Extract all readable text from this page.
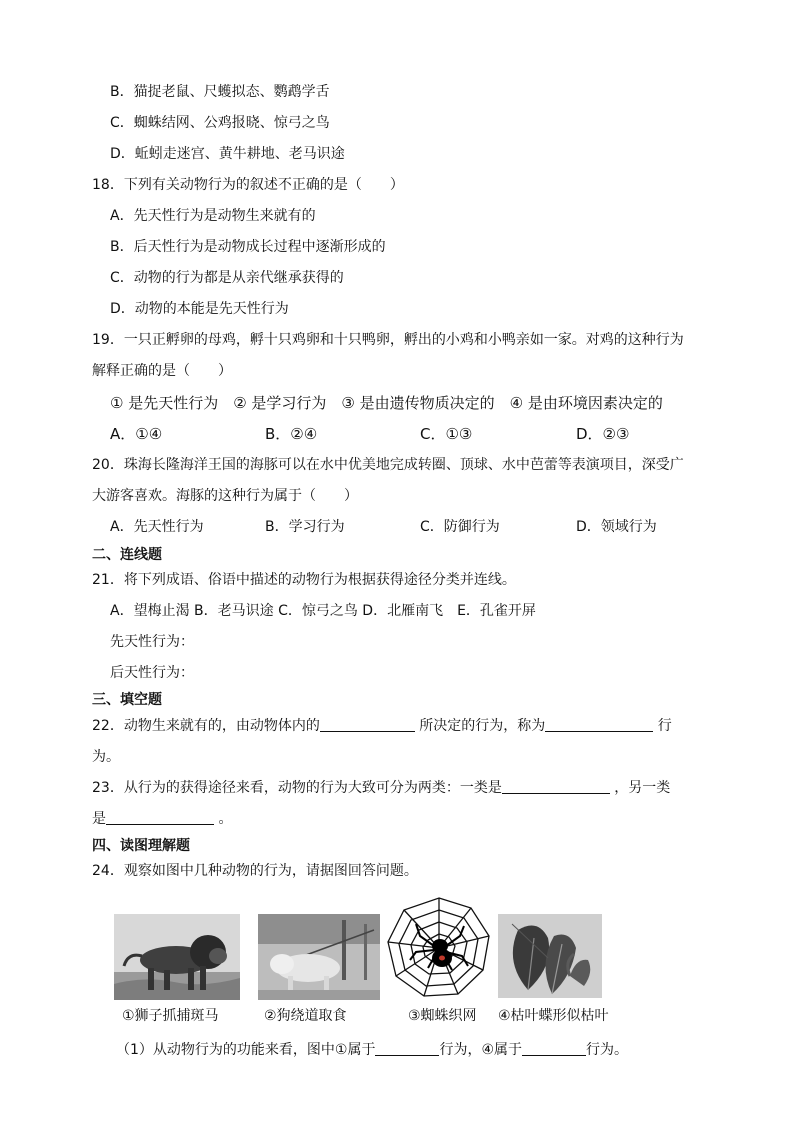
B．猫捉老鼠、尺蠖拟态、鹦鹉学舌
C．蜘蛛结网、公鸡报晓、惊弓之鸟
D．蚯蚓走迷宫、黄牛耕地、老马识途
18．下列有关动物行为的叙述不正确的是（　　）
A．先天性行为是动物生来就有的
B．后天性行为是动物成长过程中逐渐形成的
C．动物的行为都是从亲代继承获得的
D．动物的本能是先天性行为
19．一只正孵卵的母鸡，孵十只鸡卵和十只鸭卵，孵出的小鸡和小鸭亲如一家。对鸡的这种行为
解释正确的是（　　）
① 是先天性行为　② 是学习行为　③ 是由遗传物质决定的　④ 是由环境因素决定的
A．①④	B．②④	C．①③	D．②③
20．珠海长隆海洋王国的海豚可以在水中优美地完成转圈、顶球、水中芭蕾等表演项目，深受广
大游客喜欢。海豚的这种行为属于（　　）
A．先天性行为	B．学习行为	C．防御行为	D．领域行为
二、连线题
21．将下列成语、俗语中描述的动物行为根据获得途径分类并连线。
A．望梅止渴 B．老马识途 C．惊弓之鸟 D．北雁南飞　E．孔雀开屏
先天性行为：
后天性行为：
三、填空题
22．动物生来就有的，由动物体内的	所决定的行为，称为	行
为。
23．从行为的获得途径来看，动物的行为大致可分为两类：一类是	，另一类
是	。
四、读图理解题
24．观察如图中几种动物的行为，请据图回答问题。
①狮子抓捕斑马	②狗绕道取食	③蜘蛛织网 ④枯叶蝶形似枯叶
（1）从动物行为的功能来看，图中①属于	行为，④属于	行为。
